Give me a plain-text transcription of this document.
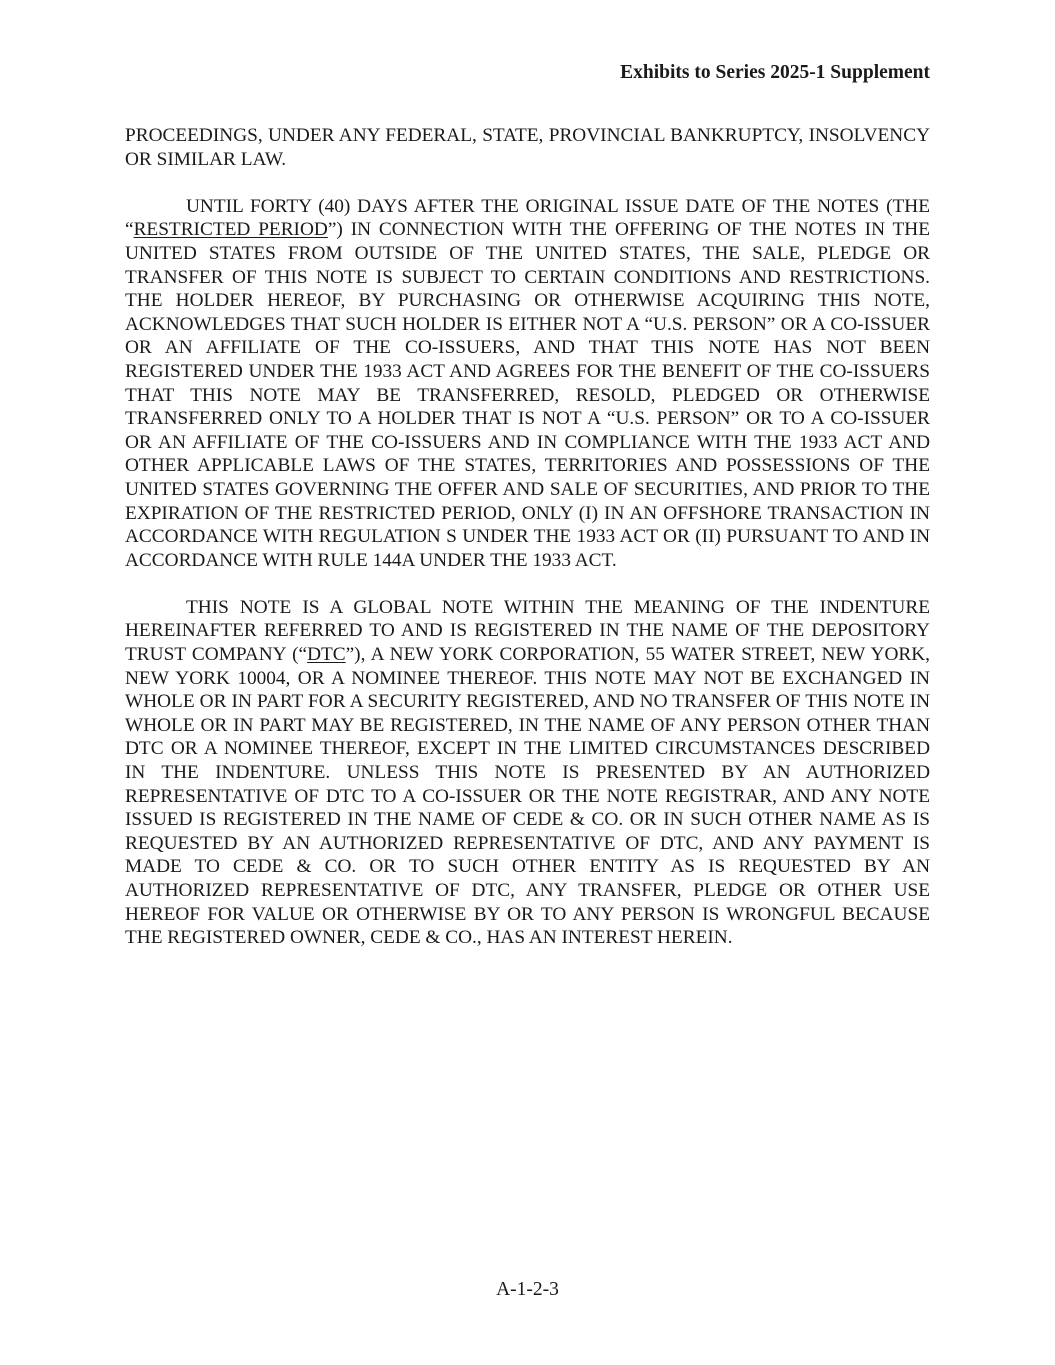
Exhibits to Series 2025-1 Supplement

PROCEEDINGS, UNDER ANY FEDERAL, STATE, PROVINCIAL BANKRUPTCY, INSOLVENCY OR SIMILAR LAW.

UNTIL FORTY (40) DAYS AFTER THE ORIGINAL ISSUE DATE OF THE NOTES (THE “RESTRICTED PERIOD”) IN CONNECTION WITH THE OFFERING OF THE NOTES IN THE UNITED STATES FROM OUTSIDE OF THE UNITED STATES, THE SALE, PLEDGE OR TRANSFER OF THIS NOTE IS SUBJECT TO CERTAIN CONDITIONS AND RESTRICTIONS. THE HOLDER HEREOF, BY PURCHASING OR OTHERWISE ACQUIRING THIS NOTE, ACKNOWLEDGES THAT SUCH HOLDER IS EITHER NOT A “U.S. PERSON” OR A CO-ISSUER OR AN AFFILIATE OF THE CO-ISSUERS, AND THAT THIS NOTE HAS NOT BEEN REGISTERED UNDER THE 1933 ACT AND AGREES FOR THE BENEFIT OF THE CO-ISSUERS THAT THIS NOTE MAY BE TRANSFERRED, RESOLD, PLEDGED OR OTHERWISE TRANSFERRED ONLY TO A HOLDER THAT IS NOT A “U.S. PERSON” OR TO A CO-ISSUER OR AN AFFILIATE OF THE CO-ISSUERS AND IN COMPLIANCE WITH THE 1933 ACT AND OTHER APPLICABLE LAWS OF THE STATES, TERRITORIES AND POSSESSIONS OF THE UNITED STATES GOVERNING THE OFFER AND SALE OF SECURITIES, AND PRIOR TO THE EXPIRATION OF THE RESTRICTED PERIOD, ONLY (I) IN AN OFFSHORE TRANSACTION IN ACCORDANCE WITH REGULATION S UNDER THE 1933 ACT OR (II) PURSUANT TO AND IN ACCORDANCE WITH RULE 144A UNDER THE 1933 ACT.

THIS NOTE IS A GLOBAL NOTE WITHIN THE MEANING OF THE INDENTURE HEREINAFTER REFERRED TO AND IS REGISTERED IN THE NAME OF THE DEPOSITORY TRUST COMPANY (“DTC”), A NEW YORK CORPORATION, 55 WATER STREET, NEW YORK, NEW YORK 10004, OR A NOMINEE THEREOF. THIS NOTE MAY NOT BE EXCHANGED IN WHOLE OR IN PART FOR A SECURITY REGISTERED, AND NO TRANSFER OF THIS NOTE IN WHOLE OR IN PART MAY BE REGISTERED, IN THE NAME OF ANY PERSON OTHER THAN DTC OR A NOMINEE THEREOF, EXCEPT IN THE LIMITED CIRCUMSTANCES DESCRIBED IN THE INDENTURE. UNLESS THIS NOTE IS PRESENTED BY AN AUTHORIZED REPRESENTATIVE OF DTC TO A CO-ISSUER OR THE NOTE REGISTRAR, AND ANY NOTE ISSUED IS REGISTERED IN THE NAME OF CEDE & CO. OR IN SUCH OTHER NAME AS IS REQUESTED BY AN AUTHORIZED REPRESENTATIVE OF DTC, AND ANY PAYMENT IS MADE TO CEDE & CO. OR TO SUCH OTHER ENTITY AS IS REQUESTED BY AN AUTHORIZED REPRESENTATIVE OF DTC, ANY TRANSFER, PLEDGE OR OTHER USE HEREOF FOR VALUE OR OTHERWISE BY OR TO ANY PERSON IS WRONGFUL BECAUSE THE REGISTERED OWNER, CEDE & CO., HAS AN INTEREST HEREIN.

A-1-2-3
